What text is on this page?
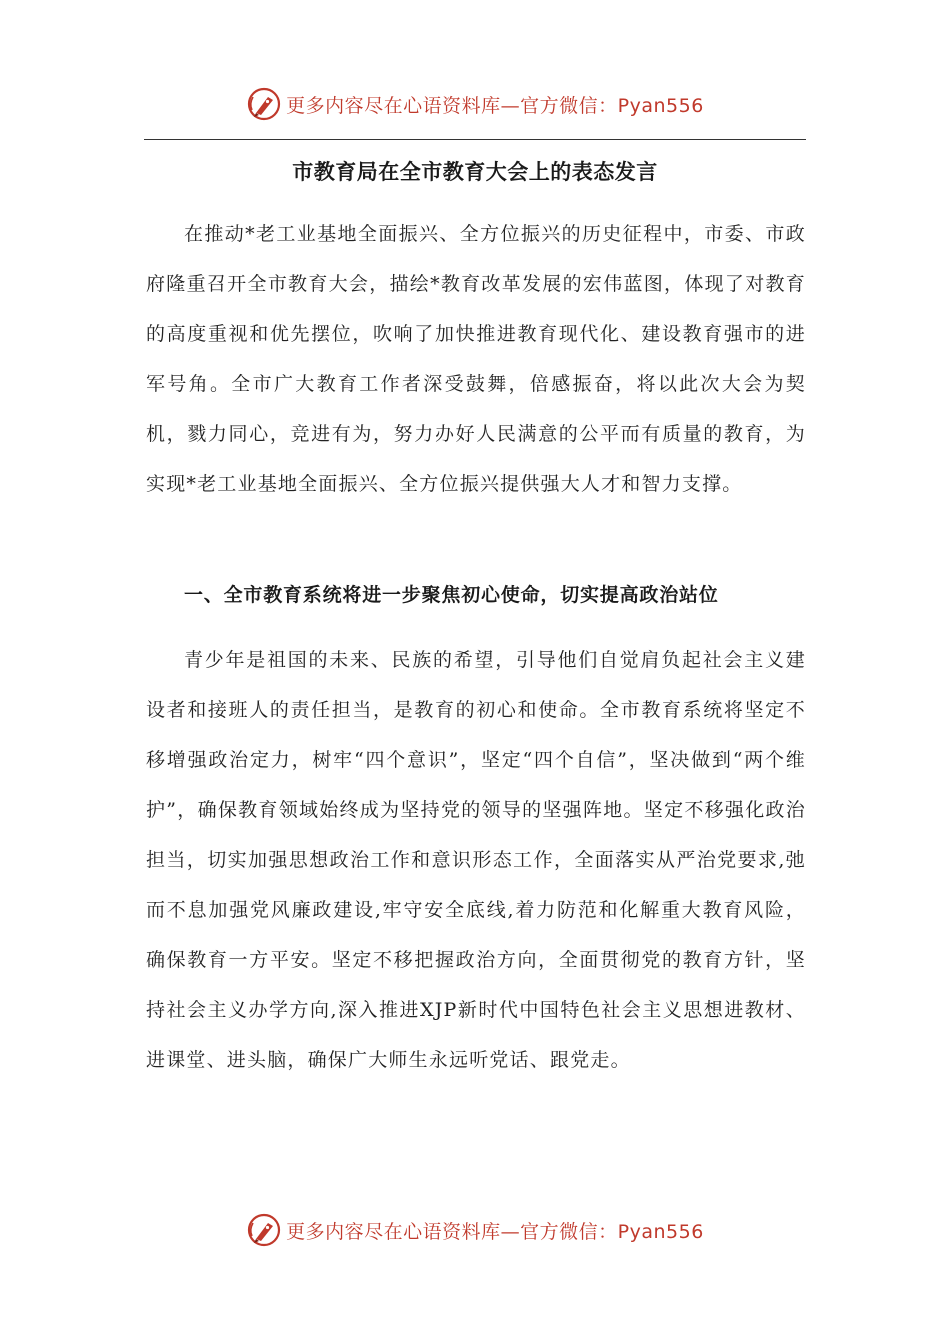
更多内容尽在心语资料库—官方微信：Pyan556
市教育局在全市教育大会上的表态发言
在推动*老工业基地全面振兴、全方位振兴的历史征程中，市委、市政府隆重召开全市教育大会，描绘*教育改革发展的宏伟蓝图，体现了对教育的高度重视和优先摆位，吹响了加快推进教育现代化、建设教育强市的进军号角。全市广大教育工作者深受鼓舞，倍感振奋，将以此次大会为契机，戮力同心，竞进有为，努力办好人民满意的公平而有质量的教育，为实现*老工业基地全面振兴、全方位振兴提供强大人才和智力支撑。
一、全市教育系统将进一步聚焦初心使命，切实提高政治站位
青少年是祖国的未来、民族的希望，引导他们自觉肩负起社会主义建设者和接班人的责任担当，是教育的初心和使命。全市教育系统将坚定不移增强政治定力，树牢“四个意识”，坚定“四个自信”，坚决做到“两个维护”，确保教育领域始终成为坚持党的领导的坚强阵地。坚定不移强化政治担当，切实加强思想政治工作和意识形态工作，全面落实从严治党要求,弛而不息加强党风廉政建设,牢守安全底线,着力防范和化解重大教育风险，确保教育一方平安。坚定不移把握政治方向，全面贯彻党的教育方针，坚持社会主义办学方向,深入推进XJP新时代中国特色社会主义思想进教材、进课堂、进头脑，确保广大师生永远听党话、跟党走。
更多内容尽在心语资料库—官方微信：Pyan556
